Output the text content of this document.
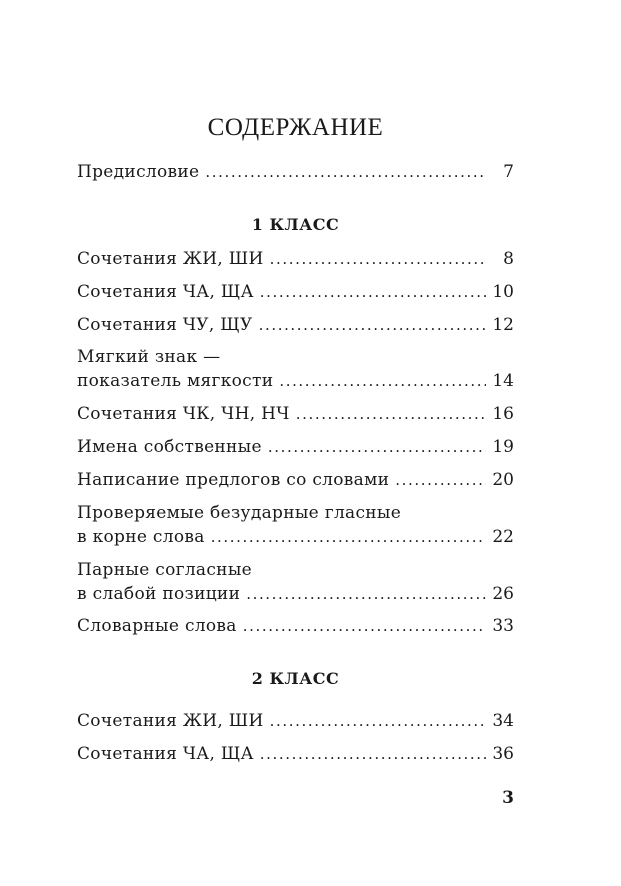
СОДЕРЖАНИЕ
Предисловие .....	7
1 КЛАСС
Сочетания ЖИ, ШИ .....	8
Сочетания ЧА, ЩА .....	10
Сочетания ЧУ, ЩУ .....	12
Мягкий знак —
показатель мягкости .....	14
Сочетания ЧК, ЧН, НЧ .....	16
Имена собственные .....	19
Написание предлогов со словами .....	20
Проверяемые безударные гласные
в корне слова .....	22
Парные согласные
в слабой позиции .....	26
Словарные слова .....	33
2 КЛАСС
Сочетания ЖИ, ШИ .....	34
Сочетания ЧА, ЩА .....	36
3
